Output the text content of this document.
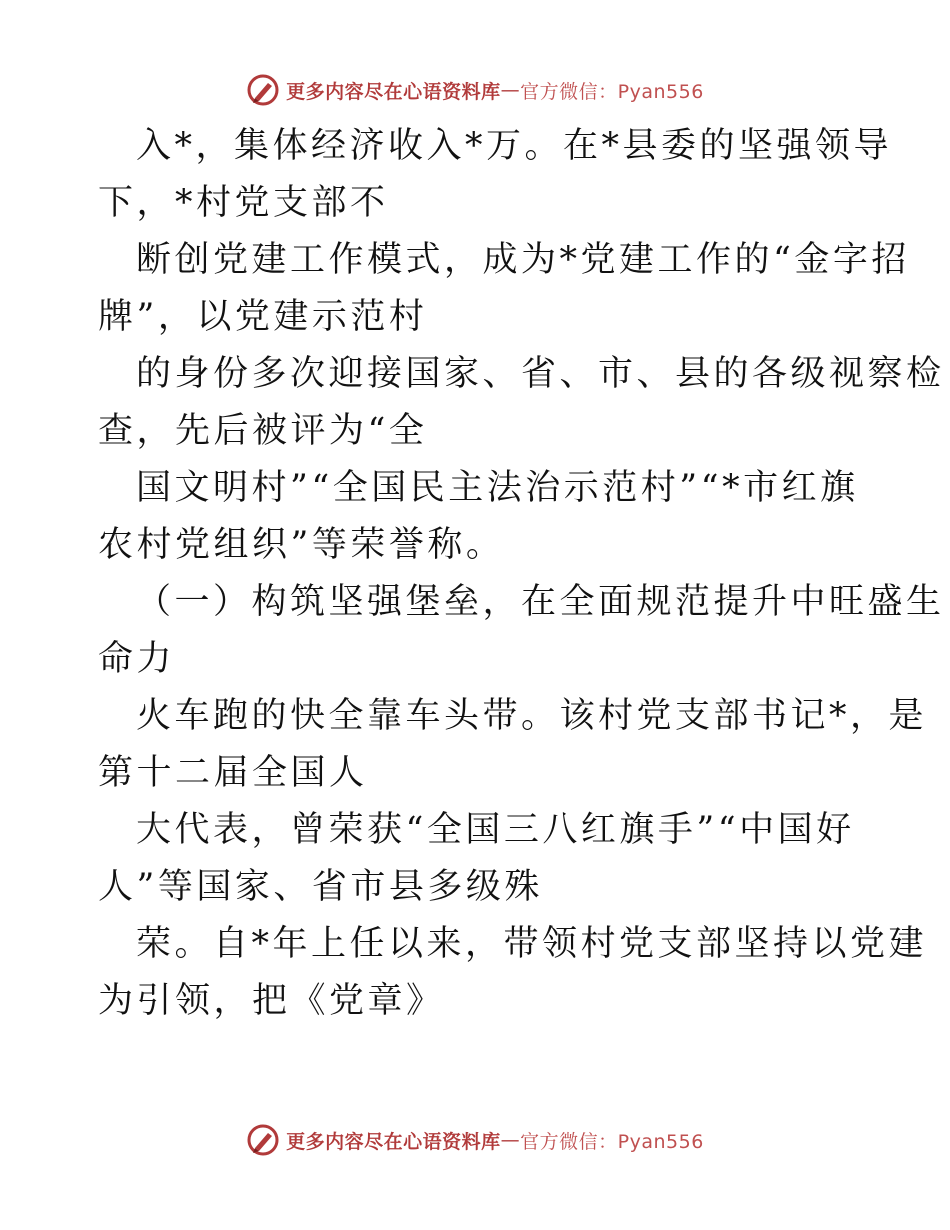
更多内容尽在心语资料库 — 官方微信：Pyan556
入*，集体经济收入*万。在*县委的坚强领导
下，*村党支部不
断创党建工作模式，成为*党建工作的“金字招
牌”，以党建示范村
的身份多次迎接国家、省、市、县的各级视察检
查，先后被评为“全
国文明村”“全国民主法治示范村”“*市红旗
农村党组织”等荣誉称。
（一）构筑坚强堡垒，在全面规范提升中旺盛生
命力
火车跑的快全靠车头带。该村党支部书记*，是
第十二届全国人
大代表，曾荣获“全国三八红旗手”“中国好
人”等国家、省市县多级殊
荣。自*年上任以来，带领村党支部坚持以党建
为引领，把《党章》
更多内容尽在心语资料库 — 官方微信：Pyan556
